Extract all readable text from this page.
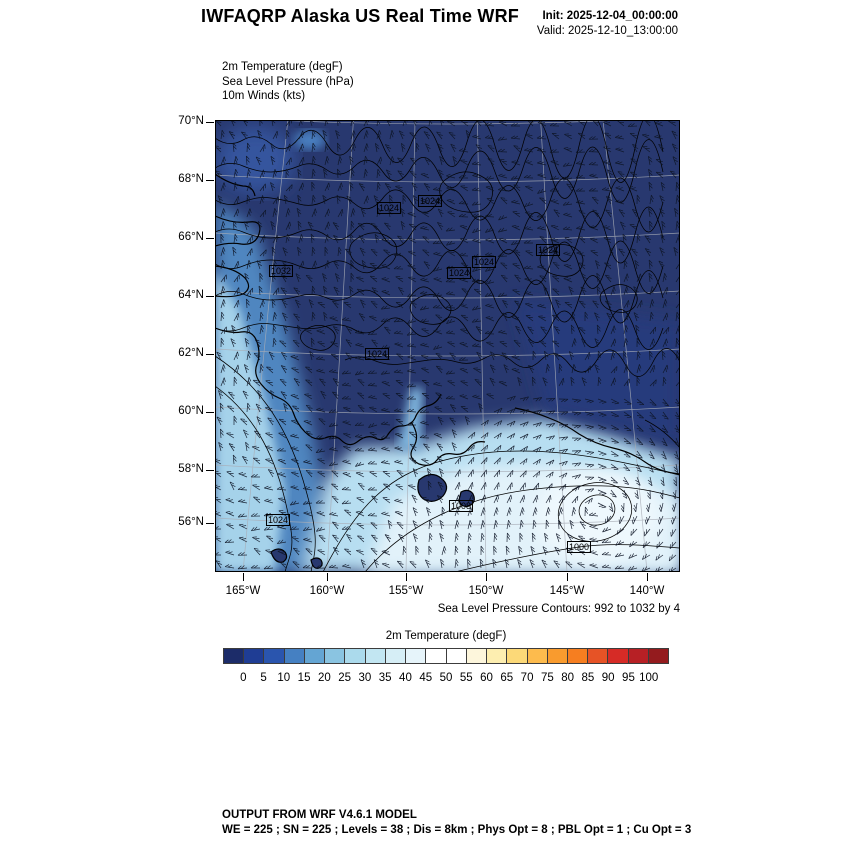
IWFAQRP Alaska US Real Time WRF	Init: 2025-12-04_00:00:00
Valid: 2025-12-10_13:00:00
2m Temperature (degF)
Sea Level Pressure (hPa)
10m Winds (kts)
1032
1024
1024
1024
1024
1024
1024
1024
1008
1000
70°N
68°N
66°N
64°N
62°N
60°N
58°N
56°N
165°W	160°W	155°W	150°W	145°W	140°W
Sea Level Pressure Contours: 992 to 1032 by 4
2m Temperature (degF)
0 5 10 15 20 25 30 35 40 45 50 55 60 65 70 75 80 85 90 95 100
OUTPUT FROM WRF V4.6.1 MODEL
WE = 225 ; SN = 225 ; Levels = 38 ; Dis = 8km ; Phys Opt = 8 ; PBL Opt = 1 ; Cu Opt = 3
